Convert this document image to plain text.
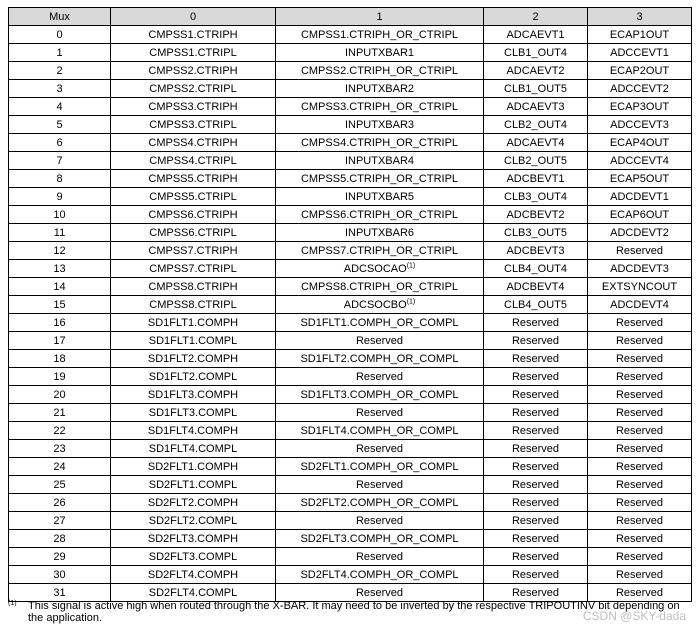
Mux	0	1	2	3
0	CMPSS1.CTRIPH	CMPSS1.CTRIPH_OR_CTRIPL	ADCAEVT1	ECAP1OUT
1	CMPSS1.CTRIPL	INPUTXBAR1	CLB1_OUT4	ADCCEVT1
2	CMPSS2.CTRIPH	CMPSS2.CTRIPH_OR_CTRIPL	ADCAEVT2	ECAP2OUT
3	CMPSS2.CTRIPL	INPUTXBAR2	CLB1_OUT5	ADCCEVT2
4	CMPSS3.CTRIPH	CMPSS3.CTRIPH_OR_CTRIPL	ADCAEVT3	ECAP3OUT
5	CMPSS3.CTRIPL	INPUTXBAR3	CLB2_OUT4	ADCCEVT3
6	CMPSS4.CTRIPH	CMPSS4.CTRIPH_OR_CTRIPL	ADCAEVT4	ECAP4OUT
7	CMPSS4.CTRIPL	INPUTXBAR4	CLB2_OUT5	ADCCEVT4
8	CMPSS5.CTRIPH	CMPSS5.CTRIPH_OR_CTRIPL	ADCBEVT1	ECAP5OUT
9	CMPSS5.CTRIPL	INPUTXBAR5	CLB3_OUT4	ADCDEVT1
10	CMPSS6.CTRIPH	CMPSS6.CTRIPH_OR_CTRIPL	ADCBEVT2	ECAP6OUT
11	CMPSS6.CTRIPL	INPUTXBAR6	CLB3_OUT5	ADCDEVT2
12	CMPSS7.CTRIPH	CMPSS7.CTRIPH_OR_CTRIPL	ADCBEVT3	Reserved
13	CMPSS7.CTRIPL	ADCSOCAO$^{(1)}$	CLB4_OUT4	ADCDEVT3
14	CMPSS8.CTRIPH	CMPSS8.CTRIPH_OR_CTRIPL	ADCBEVT4	EXTSYNCOUT
15	CMPSS8.CTRIPL	ADCSOCBO$^{(1)}$	CLB4_OUT5	ADCDEVT4
16	SD1FLT1.COMPH	SD1FLT1.COMPH_OR_COMPL	Reserved	Reserved
17	SD1FLT1.COMPL	Reserved	Reserved	Reserved
18	SD1FLT2.COMPH	SD1FLT2.COMPH_OR_COMPL	Reserved	Reserved
19	SD1FLT2.COMPL	Reserved	Reserved	Reserved
20	SD1FLT3.COMPH	SD1FLT3.COMPH_OR_COMPL	Reserved	Reserved
21	SD1FLT3.COMPL	Reserved	Reserved	Reserved
22	SD1FLT4.COMPH	SD1FLT4.COMPH_OR_COMPL	Reserved	Reserved
23	SD1FLT4.COMPL	Reserved	Reserved	Reserved
24	SD2FLT1.COMPH	SD2FLT1.COMPH_OR_COMPL	Reserved	Reserved
25	SD2FLT1.COMPL	Reserved	Reserved	Reserved
26	SD2FLT2.COMPH	SD2FLT2.COMPH_OR_COMPL	Reserved	Reserved
27	SD2FLT2.COMPL	Reserved	Reserved	Reserved
28	SD2FLT3.COMPH	SD2FLT3.COMPH_OR_COMPL	Reserved	Reserved
29	SD2FLT3.COMPL	Reserved	Reserved	Reserved
30	SD2FLT4.COMPH	SD2FLT4.COMPH_OR_COMPL	Reserved	Reserved
31	SD2FLT4.COMPL	Reserved	Reserved	Reserved
(1) This signal is active high when routed through the X-BAR. It may need to be inverted by the respective TRIPOUTINV bit depending on the application.	CSDN @SKY-dada
